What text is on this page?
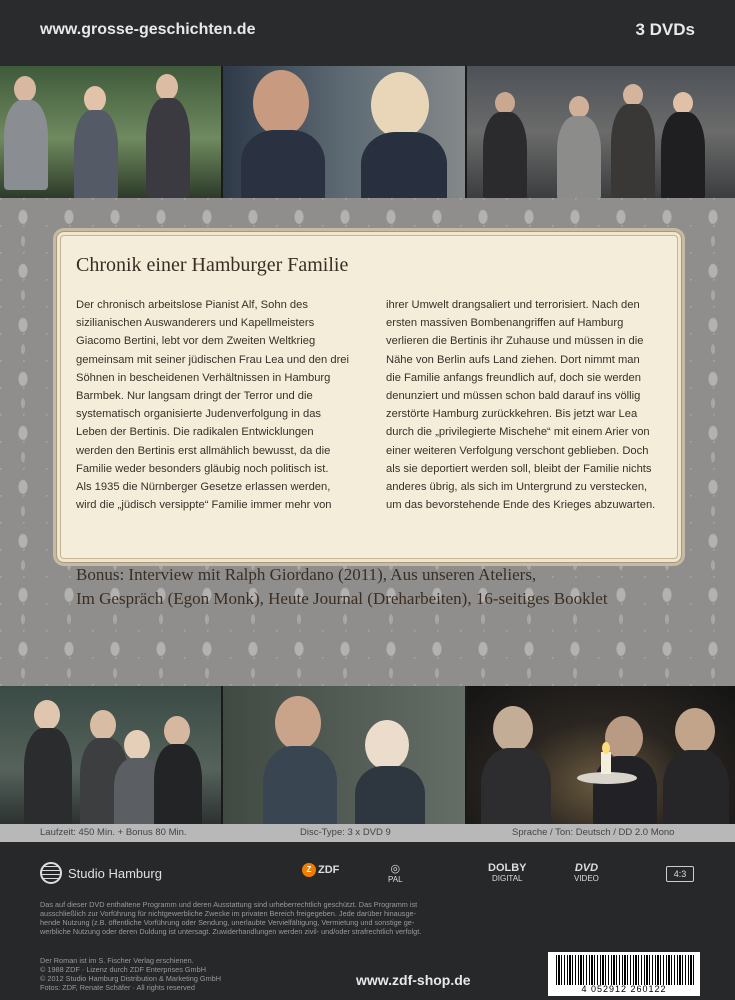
www.grosse-geschichten.de	3 DVDs
Chronik einer Hamburger Familie
Der chronisch arbeitslose Pianist Alf, Sohn des
sizilianischen Auswanderers und Kapellmeisters
Giacomo Bertini, lebt vor dem Zweiten Weltkrieg
gemeinsam mit seiner jüdischen Frau Lea und den drei
Söhnen in bescheidenen Verhältnissen in Hamburg
Barmbek. Nur langsam dringt der Terror und die
systematisch organisierte Judenverfolgung in das
Leben der Bertinis. Die radikalen Entwicklungen
werden den Bertinis erst allmählich bewusst, da die
Familie weder besonders gläubig noch politisch ist.
Als 1935 die Nürnberger Gesetze erlassen werden,
wird die „jüdisch versippte“ Familie immer mehr von
ihrer Umwelt drangsaliert und terrorisiert. Nach den
ersten massiven Bombenangriffen auf Hamburg
verlieren die Bertinis ihr Zuhause und müssen in die
Nähe von Berlin aufs Land ziehen. Dort nimmt man
die Familie anfangs freundlich auf, doch sie werden
denunziert und müssen schon bald darauf ins völlig
zerstörte Hamburg zurückkehren. Bis jetzt war Lea
durch die „privilegierte Mischehe“ mit einem Arier von
einer weiteren Verfolgung verschont geblieben. Doch
als sie deportiert werden soll, bleibt der Familie nichts
anderes übrig, als sich im Untergrund zu verstecken,
um das bevorstehende Ende des Krieges abzuwarten.
Bonus: Interview mit Ralph Giordano (2011), Aus unseren Ateliers,
Im Gespräch (Egon Monk), Heute Journal (Dreharbeiten), 16-seitiges Booklet
Laufzeit: 450 Min. + Bonus 80 Min.	Disc-Type: 3 x DVD 9	Sprache / Ton: Deutsch / DD 2.0 Mono
Studio Hamburg	Z ZDF	◎
PAL
DOLBY
DIGITAL
DVD
VIDEO	4:3
Das auf dieser DVD enthaltene Programm und deren Ausstattung sind urheberrechtlich geschützt. Das Programm ist
ausschließlich zur Vorführung für nichtgewerbliche Zwecke im privaten Bereich freigegeben. Jede darüber hinausge-
hende Nutzung (z.B. öffentliche Vorführung oder Sendung, unerlaubte Vervielfältigung, Vermietung und sonstige ge-
werbliche Nutzung oder deren Duldung ist untersagt. Zuwiderhandlungen werden zivil- und/oder strafrechtlich verfolgt.
Der Roman ist im S. Fischer Verlag erschienen.
© 1988 ZDF · Lizenz durch ZDF Enterprises GmbH
© 2012 Studio Hamburg Distribution & Marketing GmbH
Fotos: ZDF, Renate Schäfer · All rights reserved	www.zdf-shop.de
4 052912 260122
